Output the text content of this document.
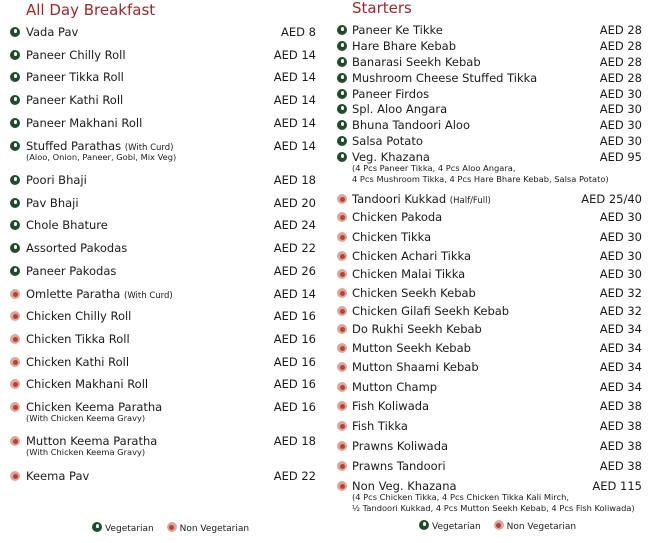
All Day Breakfast	Starters
Vada Pav	AED 8
Paneer Chilly Roll	AED 14
Paneer Tikka Roll	AED 14
Paneer Kathi Roll	AED 14
Paneer Makhani Roll	AED 14
Stuffed Parathas (With Curd)	AED 14
(Aloo, Onion, Paneer, Gobi, Mix Veg)
Poori Bhaji	AED 18
Pav Bhaji	AED 20
Chole Bhature	AED 24
Assorted Pakodas	AED 22
Paneer Pakodas	AED 26
Omlette Paratha (With Curd)	AED 14
Chicken Chilly Roll	AED 16
Chicken Tikka Roll	AED 16
Chicken Kathi Roll	AED 16
Chicken Makhani Roll	AED 16
Chicken Keema Paratha	AED 16
(With Chicken Keema Gravy)
Mutton Keema Paratha	AED 18
(With Chicken Keema Gravy)
Keema Pav	AED 22
Paneer Ke Tikke	AED 28
Hare Bhare Kebab	AED 28
Banarasi Seekh Kebab	AED 28
Mushroom Cheese Stuffed Tikka	AED 28
Paneer Firdos	AED 30
Spl. Aloo Angara	AED 30
Bhuna Tandoori Aloo	AED 30
Salsa Potato	AED 30
Veg. Khazana	AED 95
(4 Pcs Paneer Tikka, 4 Pcs Aloo Angara,
4 Pcs Mushroom Tikka, 4 Pcs Hare Bhare Kebab, Salsa Potato)
Tandoori Kukkad (Half/Full)	AED 25/40
Chicken Pakoda	AED 30
Chicken Tikka	AED 30
Chicken Achari Tikka	AED 30
Chicken Malai Tikka	AED 30
Chicken Seekh Kebab	AED 32
Chicken Gilafi Seekh Kebab	AED 32
Do Rukhi Seekh Kebab	AED 34
Mutton Seekh Kebab	AED 34
Mutton Shaami Kebab	AED 34
Mutton Champ	AED 34
Fish Koliwada	AED 38
Fish Tikka	AED 38
Prawns Koliwada	AED 38
Prawns Tandoori	AED 38
Non Veg. Khazana	AED 115
(4 Pcs Chicken Tikka, 4 Pcs Chicken Tikka Kali Mirch,
½ Tandoori Kukkad, 4 Pcs Mutton Seekh Kebab, 4 Pcs Fish Koliwada)
Vegetarian	Non Vegetarian	Vegetarian	Non Vegetarian
